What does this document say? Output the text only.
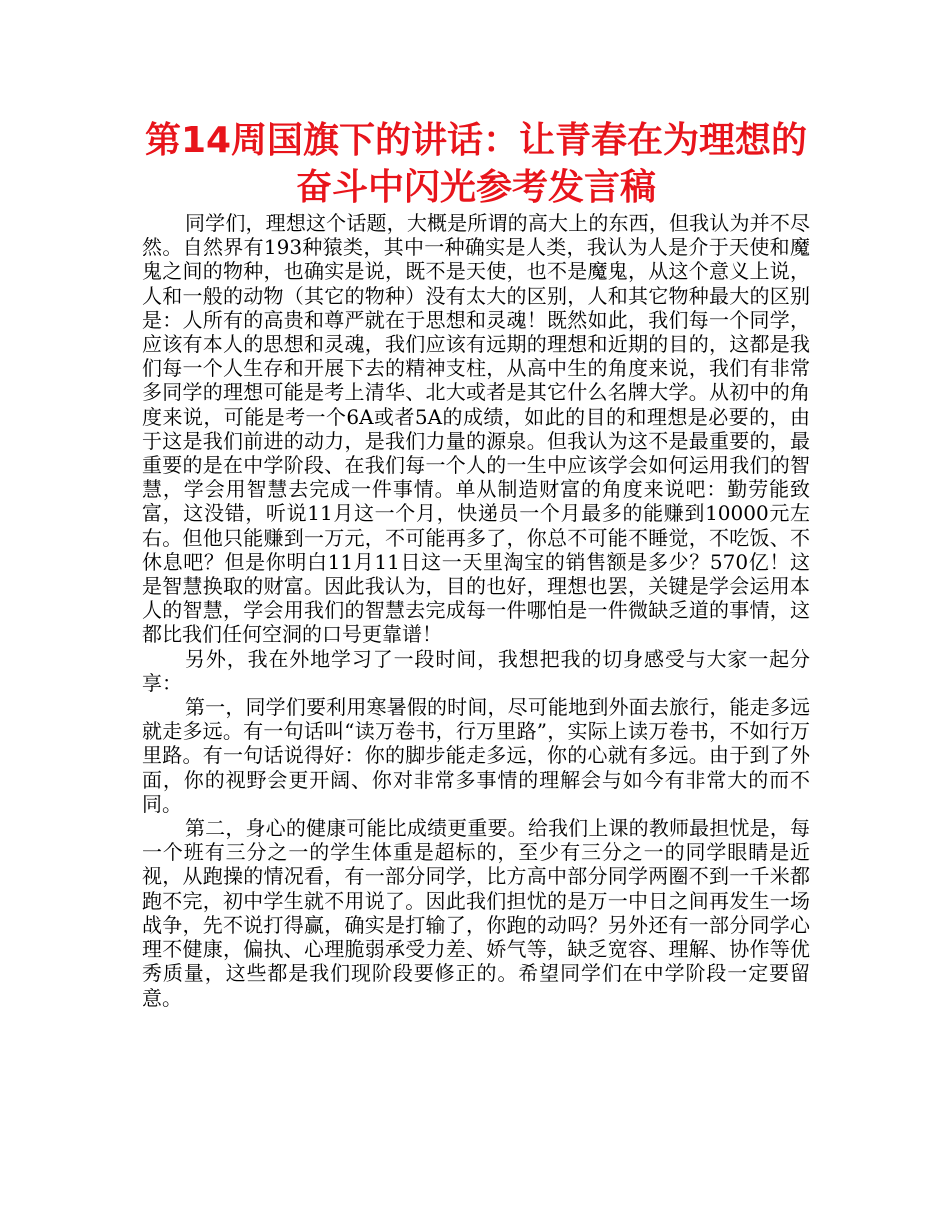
第14周国旗下的讲话：让青春在为理想的奋斗中闪光参考发言稿

同学们，理想这个话题，大概是所谓的高大上的东西，但我认为并不尽然。自然界有193种猿类，其中一种确实是人类，我认为人是介于天使和魔鬼之间的物种，也确实是说，既不是天使，也不是魔鬼，从这个意义上说，人和一般的动物（其它的物种）没有太大的区别，人和其它物种最大的区别是：人所有的高贵和尊严就在于思想和灵魂！既然如此，我们每一个同学，应该有本人的思想和灵魂，我们应该有远期的理想和近期的目的，这都是我们每一个人生存和开展下去的精神支柱，从高中生的角度来说，我们有非常多同学的理想可能是考上清华、北大或者是其它什么名牌大学。从初中的角度来说，可能是考一个6A或者5A的成绩，如此的目的和理想是必要的，由于这是我们前进的动力，是我们力量的源泉。但我认为这不是最重要的，最重要的是在中学阶段、在我们每一个人的一生中应该学会如何运用我们的智慧，学会用智慧去完成一件事情。单从制造财富的角度来说吧：勤劳能致富，这没错，听说11月这一个月，快递员一个月最多的能赚到10000元左右。但他只能赚到一万元，不可能再多了，你总不可能不睡觉，不吃饭、不休息吧？但是你明白11月11日这一天里淘宝的销售额是多少？570亿！这是智慧换取的财富。因此我认为，目的也好，理想也罢，关键是学会运用本人的智慧，学会用我们的智慧去完成每一件哪怕是一件微缺乏道的事情，这都比我们任何空洞的口号更靠谱！

另外，我在外地学习了一段时间，我想把我的切身感受与大家一起分享：

第一，同学们要利用寒暑假的时间，尽可能地到外面去旅行，能走多远就走多远。有一句话叫“读万卷书，行万里路”，实际上读万卷书，不如行万里路。有一句话说得好：你的脚步能走多远，你的心就有多远。由于到了外面，你的视野会更开阔、你对非常多事情的理解会与如今有非常大的而不同。

第二，身心的健康可能比成绩更重要。给我们上课的教师最担忧是，每一个班有三分之一的学生体重是超标的，至少有三分之一的同学眼睛是近视，从跑操的情况看，有一部分同学，比方高中部分同学两圈不到一千米都跑不完，初中学生就不用说了。因此我们担忧的是万一中日之间再发生一场战争，先不说打得赢，确实是打输了，你跑的动吗？另外还有一部分同学心理不健康，偏执、心理脆弱承受力差、娇气等，缺乏宽容、理解、协作等优秀质量，这些都是我们现阶段要修正的。希望同学们在中学阶段一定要留意。
